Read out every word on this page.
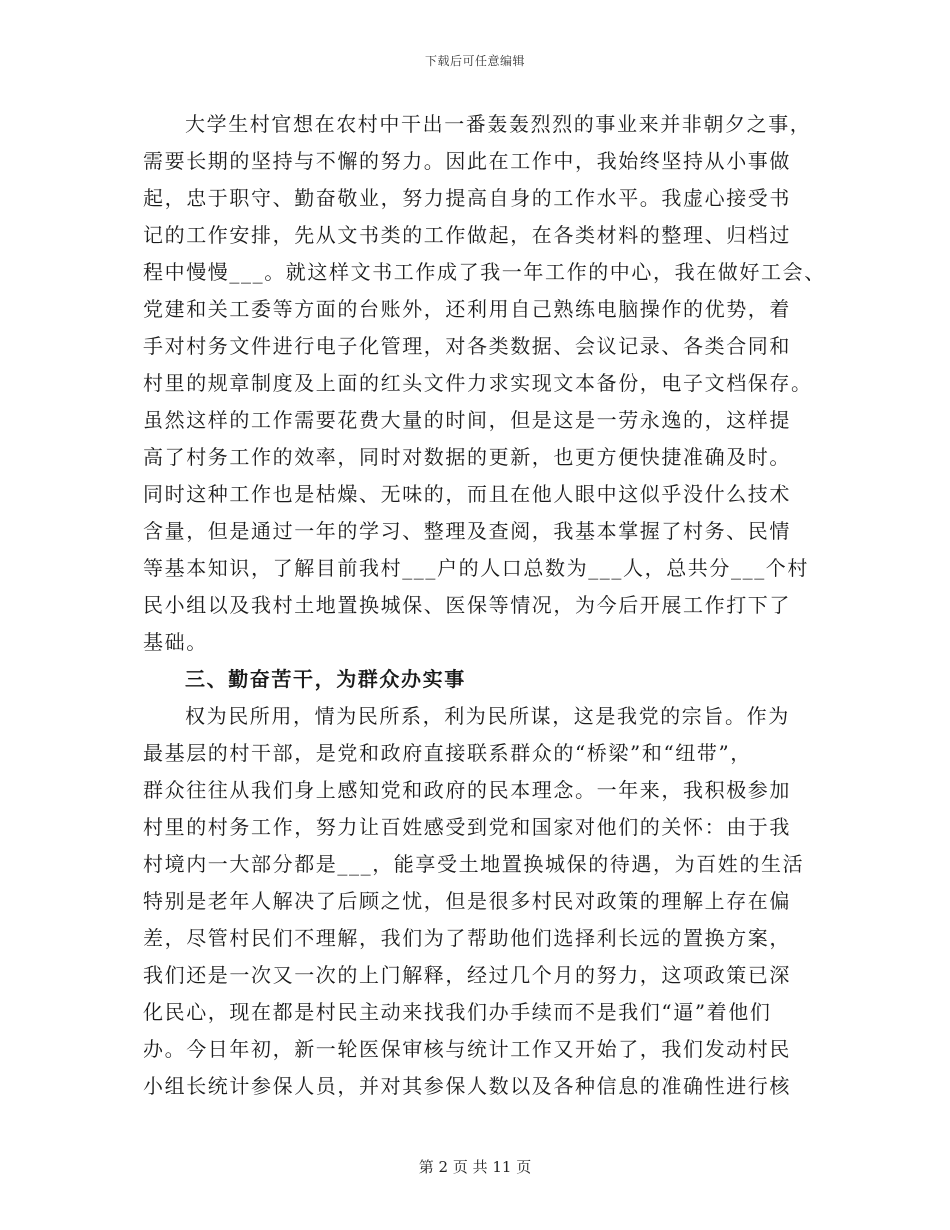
下载后可任意编辑
大学生村官想在农村中干出一番轰轰烈烈的事业来并非朝夕之事，
需要长期的坚持与不懈的努力。因此在工作中，我始终坚持从小事做
起，忠于职守、勤奋敬业，努力提高自身的工作水平。我虚心接受书
记的工作安排，先从文书类的工作做起，在各类材料的整理、归档过
程中慢慢___。就这样文书工作成了我一年工作的中心，我在做好工会、
党建和关工委等方面的台账外，还利用自己熟练电脑操作的优势，着
手对村务文件进行电子化管理，对各类数据、会议记录、各类合同和
村里的规章制度及上面的红头文件力求实现文本备份，电子文档保存。
虽然这样的工作需要花费大量的时间，但是这是一劳永逸的，这样提
高了村务工作的效率，同时对数据的更新，也更方便快捷准确及时。
同时这种工作也是枯燥、无味的，而且在他人眼中这似乎没什么技术
含量，但是通过一年的学习、整理及查阅，我基本掌握了村务、民情
等基本知识，了解目前我村___户的人口总数为___人，总共分___个村
民小组以及我村土地置换城保、医保等情况，为今后开展工作打下了
基础。
三、勤奋苦干，为群众办实事
权为民所用，情为民所系，利为民所谋，这是我党的宗旨。作为
最基层的村干部，是党和政府直接联系群众的“桥梁”和“纽带”，
群众往往从我们身上感知党和政府的民本理念。一年来，我积极参加
村里的村务工作，努力让百姓感受到党和国家对他们的关怀：由于我
村境内一大部分都是___，能享受土地置换城保的待遇，为百姓的生活
特别是老年人解决了后顾之忧，但是很多村民对政策的理解上存在偏
差，尽管村民们不理解，我们为了帮助他们选择利长远的置换方案，
我们还是一次又一次的上门解释，经过几个月的努力，这项政策已深
化民心，现在都是村民主动来找我们办手续而不是我们“逼”着他们
办。今日年初，新一轮医保审核与统计工作又开始了，我们发动村民
小组长统计参保人员，并对其参保人数以及各种信息的准确性进行核
第 2 页 共 11 页
